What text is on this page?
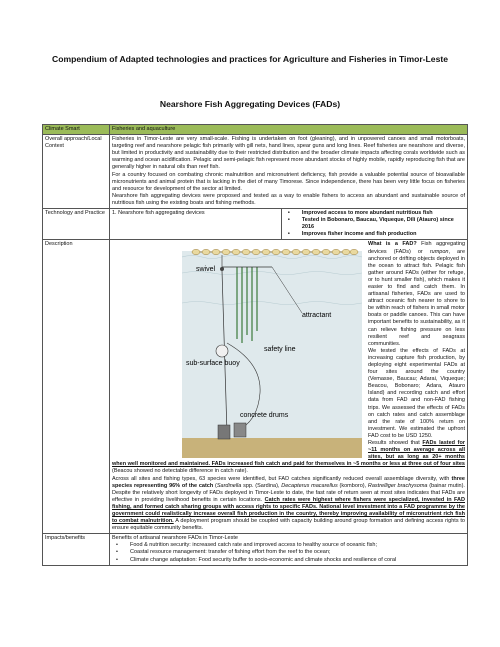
Compendium of Adapted technologies and practices for Agriculture and Fisheries in Timor-Leste
Nearshore Fish Aggregating Devices (FADs)
Climate Smart	Fisheries and aquaculture
Overall approach/Local Context	

Fisheries in Timor-Leste are very small-scale. Fishing is undertaken on foot (gleaning), and in unpowered canoes and small motorboats, targeting reef and nearshore pelagic fish primarily with gill nets, hand lines, spear guns and long lines. Reef fisheries are nearshore and diverse, but limited in productivity and sustainability due to their restricted distribution and the broader climate impacts affecting corals worldwide such as warming and ocean acidification. Pelagic and semi-pelagic fish represent more abundant stocks of highly mobile, rapidly reproducing fish that are generally higher in natural oils than reef fish.

For a country focused on combating chronic malnutrition and micronutrient deficiency, fish provide a valuable potential source of bioavailable micronutrients and animal protein that is lacking in the diet of many Timorese. Since independence, there has been very little focus on fisheries and resource for development of the sector at limited.

Nearshore fish aggregating devices were proposed and tested as a way to enable fishers to access an abundant and sustainable source of nutritious fish using the existing boats and fishing methods.

Technology and Practice	1. Nearshore fish aggregating devices	
•Improved access to more abundant nutritious fish
• Tested in Bobonaro, Baucau, Viqueque, Dili (Atauro) since 2016
• Improves fisher income and fish production

Description	
swivel
attractant
sub-surface buoy
safety line
concrete drums

What is a FAD? Fish aggregating devices (FADs) or rumpon, are anchored or drifting objects deployed in the ocean to attract fish. Pelagic fish gather around FADs (either for refuge, or to hunt smaller fish), which makes it easier to find and catch them. In artisanal fisheries, FADs are used to attract oceanic fish nearer to shore to be within reach of fishers in small motor boats or paddle canoes. This can have important benefits to sustainability, as it can relieve fishing pressure on less resilient reef and seagrass communities.

We tested the effects of FADs at increasing capture fish production, by deploying eight experimental FADs at four sites around the country (Vemasse, Baucau; Adarai, Viqueque; Beacou, Bobonaro; Adara, Atauro Island) and recording catch and effort data from FAD and non-FAD fishing trips. We assessed the effects of FADs on catch rates and catch assemblage and the rate of 100% return on investment. We estimated the upfront FAD cost to be USD 1250.

Results showed that FADs lasted for ~11 months on average across all sites, but as long as 20+ months when well monitored and maintained. FADs increased fish catch and paid for themselves in ~5 months or less at three out of four sites (Beacou showed no detectable difference in catch rate).

Across all sites and fishing types, 63 species were identified, but FAD catches significantly reduced overall assemblage diversity, with three species representing 96% of the catch (Sardinella spp. (Sardina), Decapterus macarellus (komboro), Rastrelliger brachysoma (bainar mutin). Despite the relatively short longevity of FADs deployed in Timor-Leste to date, the fast rate of return seen at most sites indicates that FADs are effective in providing livelihood benefits in certain locations. Catch rates were highest where fishers were specialized, invested in FAD fishing, and formed catch sharing groups with access rights to specific FADs. National level investment into a FAD programme by the government could realistically increase overall fish production in the country, thereby improving availability of micronutrient rich fish to combat malnutrition. A deployment program should be coupled with capacity building around group formation and defining access rights to ensure equitable community benefits.

Impacts/benefits	Benefits of artisanal nearshore FADs in Timor-Leste
• Food & nutrition security: increased catch rate and improved access to healthy source of oceanic fish;
• Coastal resource management: transfer of fishing effort from the reef to the ocean;
• Climate change adaptation: Food security buffer to socio-economic and climate shocks and resilience of coral
